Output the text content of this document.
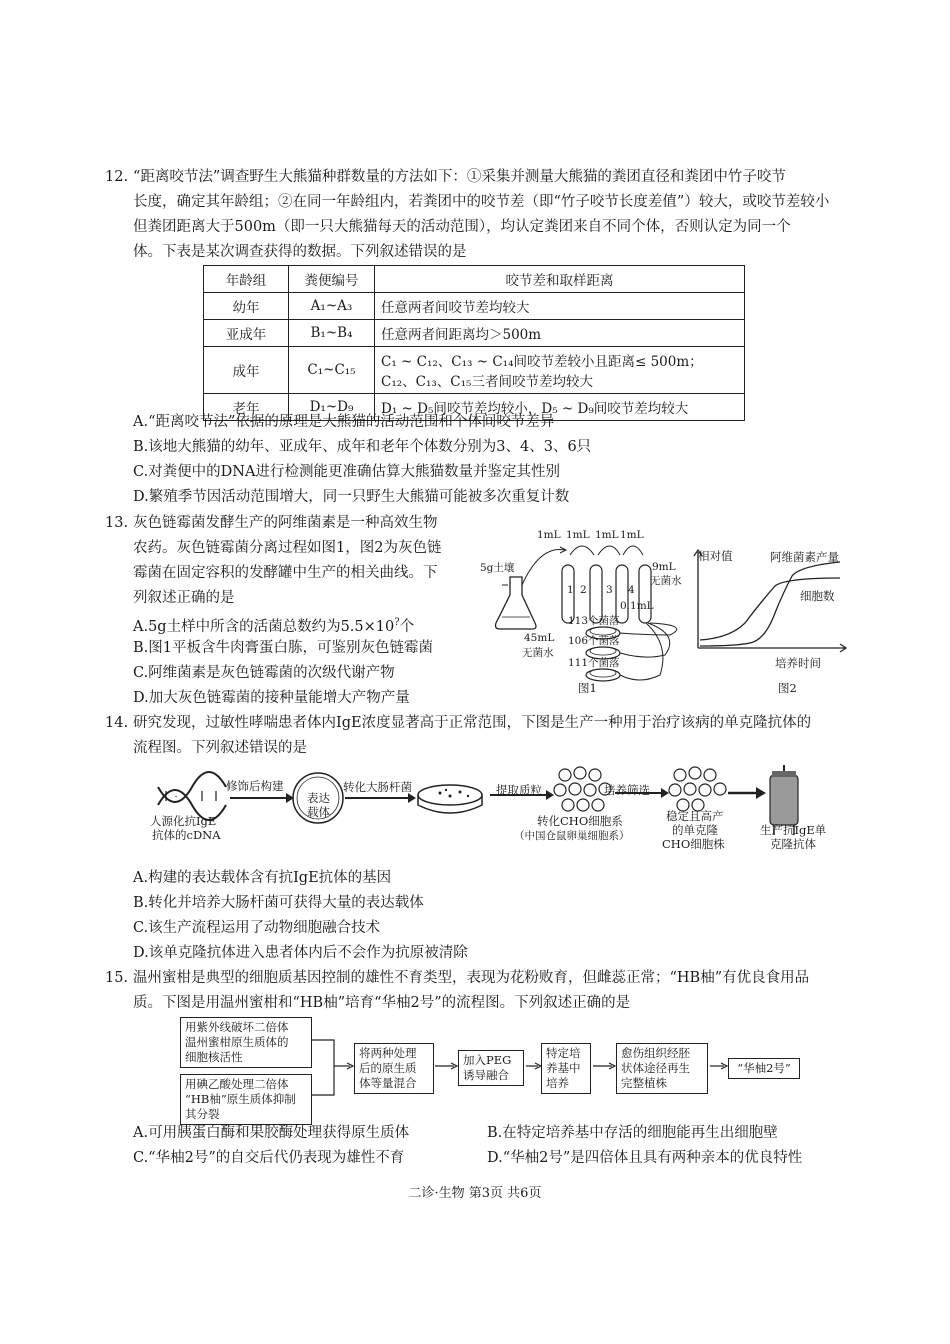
12. “距离咬节法”调查野生大熊猫种群数量的方法如下：①采集并测量大熊猫的粪团直径和粪团中竹子咬节
长度，确定其年龄组；②在同一年龄组内，若粪团中的咬节差（即“竹子咬节长度差值”）较大，或咬节差较小
但粪团距离大于500m（即一只大熊猫每天的活动范围），均认定粪团来自不同个体，否则认定为同一个
体。下表是某次调查获得的数据。下列叙述错误的是
年龄组	粪便编号	咬节差和取样距离
幼年	A₁~A₃	任意两者间咬节差均较大
亚成年	B₁~B₄	任意两者间距离均＞500m
成年	C₁~C₁₅	C₁ ~ C₁₂、C₁₃ ~ C₁₄间咬节差较小且距离≤ 500m；
C₁₂、C₁₃、C₁₅三者间咬节差均较大

老年	D₁~D₉	D₁ ~ D₅间咬节差均较小，D₅ ~ D₉间咬节差均较大
A.“距离咬节法”依据的原理是大熊猫的活动范围和个体间咬节差异
B.该地大熊猫的幼年、亚成年、成年和老年个体数分别为3、4、3、6只
C.对粪便中的DNA进行检测能更准确估算大熊猫数量并鉴定其性别
D.繁殖季节因活动范围增大，同一只野生大熊猫可能被多次重复计数
13. 灰色链霉菌发酵生产的阿维菌素是一种高效生物
农药。灰色链霉菌分离过程如图1，图2为灰色链
霉菌在固定容积的发酵罐中生产的相关曲线。下
列叙述正确的是
A.5g土样中所含的活菌总数约为5.5×10?个
B.图1平板含牛肉膏蛋白胨，可鉴别灰色链霉菌
C.阿维菌素是灰色链霉菌的次级代谢产物
D.加大灰色链霉菌的接种量能增大产物产量
5g土壤
45mL
无菌水
1mL 1mL 1mL 1mL
1 2 3 4
9mL
无菌水
0.1mL
113个菌落
106个菌落
111个菌落
图1
相对值	阿维菌素产量
细胞数
培养时间
图2
14. 研究发现，过敏性哮喘患者体内IgE浓度显著高于正常范围，下图是生产一种用于治疗该病的单克隆抗体的
流程图。下列叙述错误的是
修饰后构建
表达
载体
转化大肠杆菌	提取质粒	培养筛选
人源化抗IgE
抗体的cDNA
转化CHO细胞系
（中国仓鼠卵巢细胞系）
稳定且高产
的单克隆
CHO细胞株
生产抗IgE单
克隆抗体
A.构建的表达载体含有抗IgE抗体的基因
B.转化并培养大肠杆菌可获得大量的表达载体
C.该生产流程运用了动物细胞融合技术
D.该单克隆抗体进入患者体内后不会作为抗原被清除
15. 温州蜜柑是典型的细胞质基因控制的雄性不育类型，表现为花粉败育，但雌蕊正常；“HB柚”有优良食用品
质。下图是用温州蜜柑和“HB柚”培育“华柚2号”的流程图。下列叙述正确的是
用紫外线破坏二倍体
温州蜜柑原生质体的
细胞核活性
用碘乙酸处理二倍体
“HB柚”原生质体抑制
其分裂
将两种处理
后的原生质
体等量混合
加入PEG
诱导融合
特定培
养基中
培养
愈伤组织经胚
状体途径再生
完整植株
“华柚2号”
A.可用胰蛋白酶和果胶酶处理获得原生质体	B.在特定培养基中存活的细胞能再生出细胞壁
C.“华柚2号”的自交后代仍表现为雄性不育	D.“华柚2号”是四倍体且具有两种亲本的优良特性
二诊·生物 第3页 共6页
